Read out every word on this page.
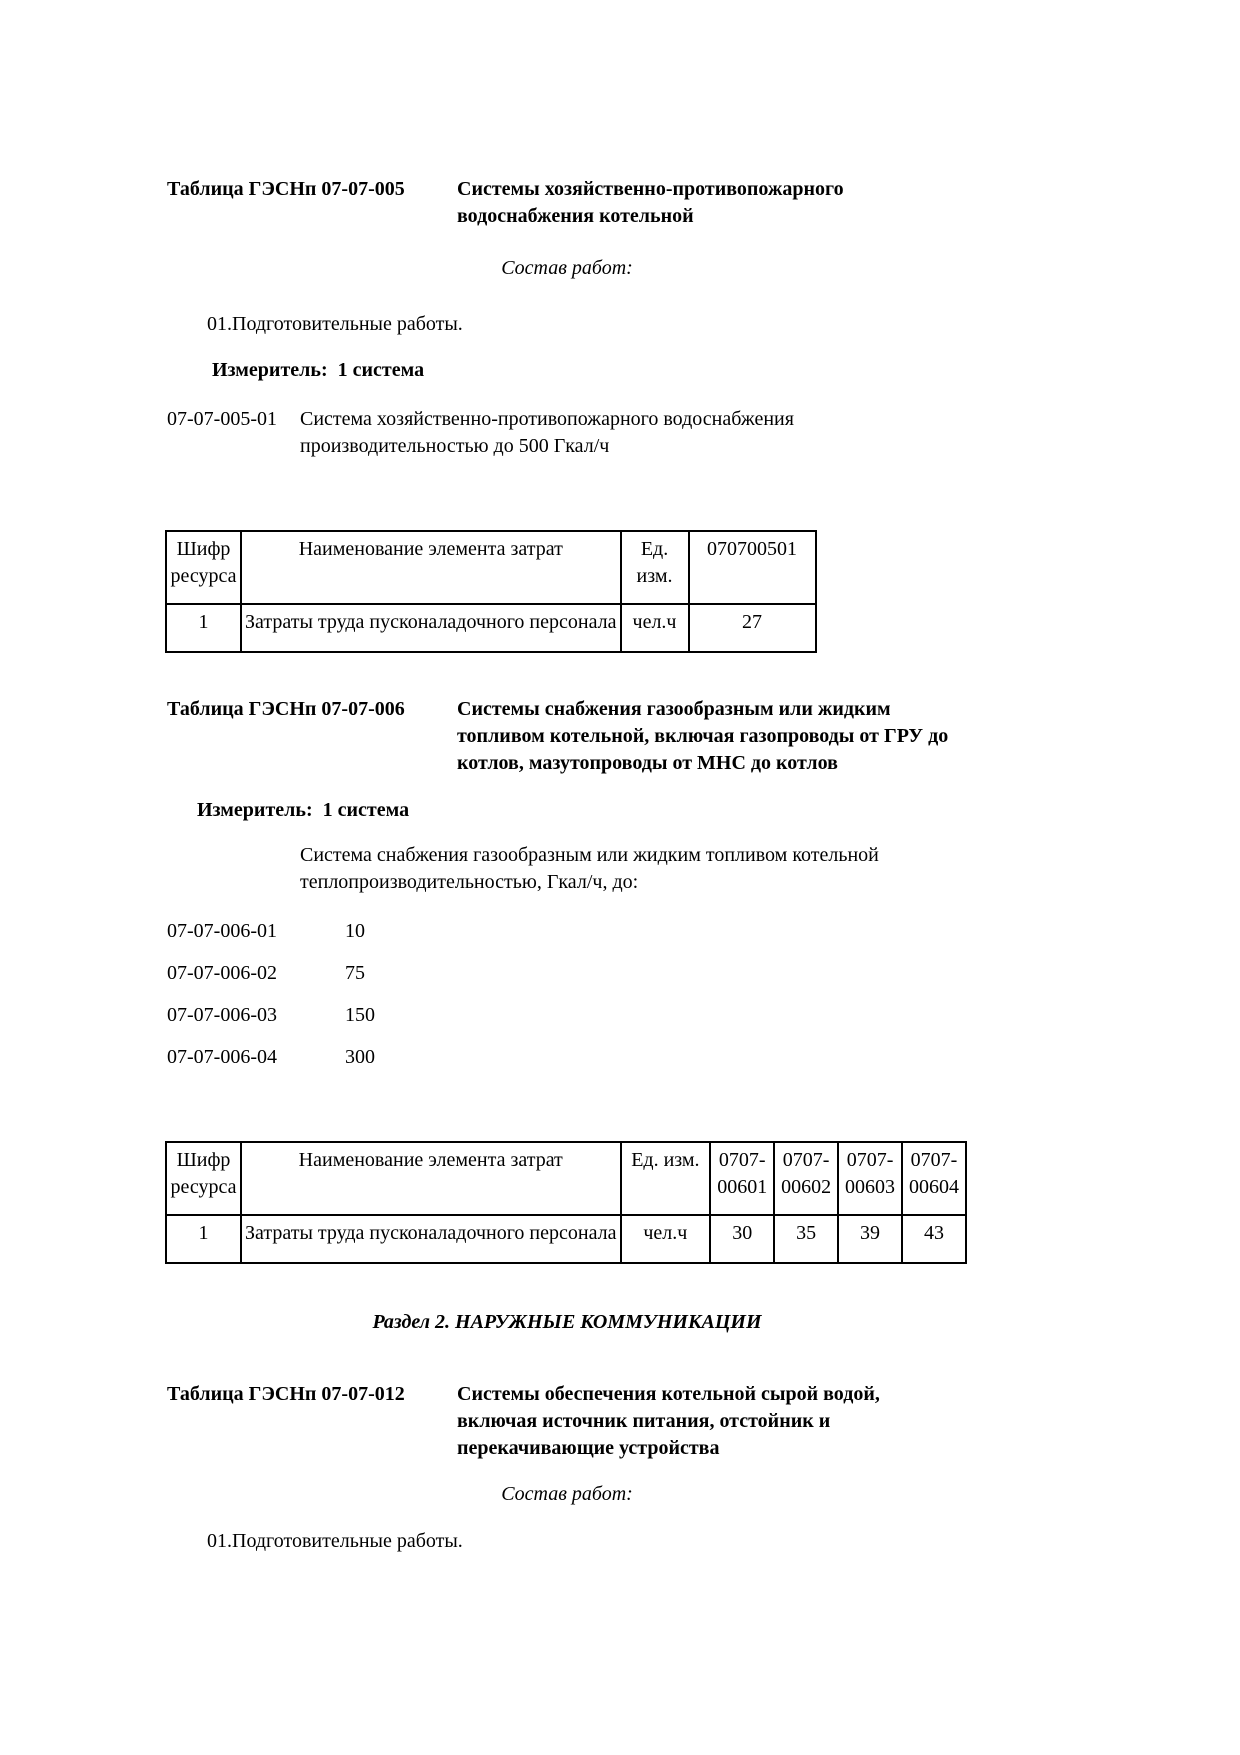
Таблица ГЭСНп 07-07-005	Системы хозяйственно-противопожарного водоснабжения котельной
Состав работ:
01.Подготовительные работы.
Измеритель:  1 система
07-07-005-01	Система хозяйственно-противопожарного водоснабжения производительностью до 500 Гкал/ч
Шифр ресурса	Наименование элемента затрат	Ед. изм.	070700501
1	Затраты труда пусконаладочного персонала	чел.ч	27
Таблица ГЭСНп 07-07-006	Системы снабжения газообразным или жидким топливом котельной, включая газопроводы от ГРУ до котлов, мазутопроводы от МНС до котлов
Измеритель:  1 система
Система снабжения газообразным или жидким топливом котельной теплопроизводительностью, Гкал/ч, до:
07-07-006-01	10
07-07-006-02	75
07-07-006-03	150
07-07-006-04	300
Шифр ресурса	Наименование элемента затрат	Ед. изм.	0707-00601	0707-00602	0707-00603	0707-00604
1	Затраты труда пусконаладочного персонала	чел.ч	30	35	39	43
Раздел 2. НАРУЖНЫЕ КОММУНИКАЦИИ
Таблица ГЭСНп 07-07-012	Системы обеспечения котельной сырой водой, включая источник питания, отстойник и перекачивающие устройства
Состав работ:
01.Подготовительные работы.
